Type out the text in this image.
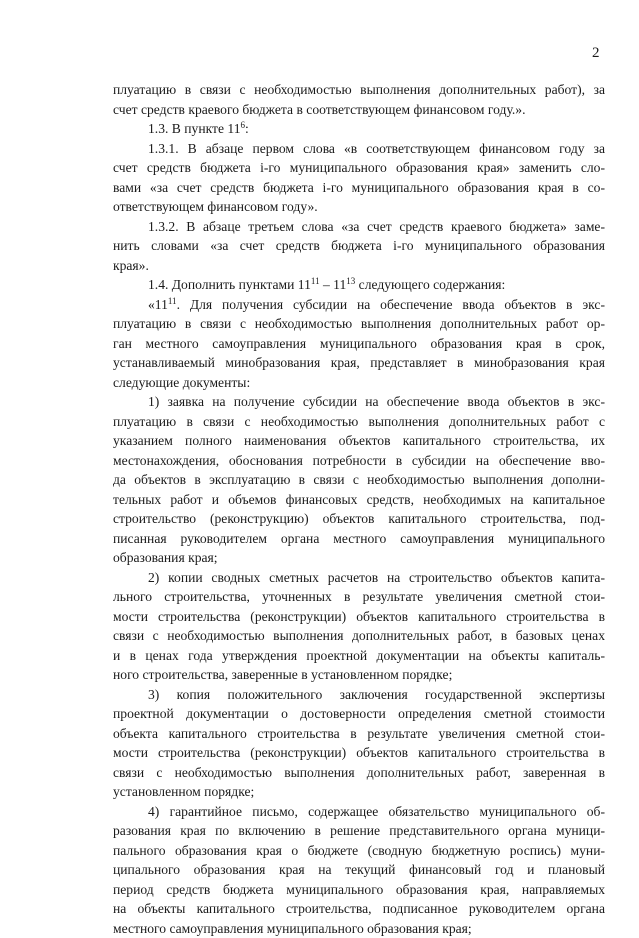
2
плуатацию в связи с необходимостью выполнения дополнительных работ), за
счет средств краевого бюджета в соответствующем финансовом году.».
1.3. В пункте $11^6$:
1.3.1. В абзаце первом слова «в соответствующем финансовом году за
счет средств бюджета i-го муниципального образования края» заменить сло-
вами «за счет средств бюджета i-го муниципального образования края в со-
ответствующем финансовом году».
1.3.2. В абзаце третьем слова «за счет средств краевого бюджета» заме-
нить словами «за счет средств бюджета i-го муниципального образования
края».
1.4. Дополнить пунктами $11^{11} - 11^{13}$ следующего содержания:
«$11^{11}$. Для получения субсидии на обеспечение ввода объектов в экс-
плуатацию в связи с необходимостью выполнения дополнительных работ ор-
ган местного самоуправления муниципального образования края в срок,
устанавливаемый минобразования края, представляет в минобразования края
следующие документы:
1) заявка на получение субсидии на обеспечение ввода объектов в экс-
плуатацию в связи с необходимостью выполнения дополнительных работ с
указанием полного наименования объектов капитального строительства, их
местонахождения, обоснования потребности в субсидии на обеспечение вво-
да объектов в эксплуатацию в связи с необходимостью выполнения дополни-
тельных работ и объемов финансовых средств, необходимых на капитальное
строительство (реконструкцию) объектов капитального строительства, под-
писанная руководителем органа местного самоуправления муниципального
образования края;
2) копии сводных сметных расчетов на строительство объектов капита-
льного строительства, уточненных в результате увеличения сметной стои-
мости строительства (реконструкции) объектов капитального строительства в
связи с необходимостью выполнения дополнительных работ, в базовых ценах
и в ценах года утверждения проектной документации на объекты капиталь-
ного строительства, заверенные в установленном порядке;
3) копия положительного заключения государственной экспертизы
проектной документации о достоверности определения сметной стоимости
объекта капитального строительства в результате увеличения сметной стои-
мости строительства (реконструкции) объектов капитального строительства в
связи с необходимостью выполнения дополнительных работ, заверенная в
установленном порядке;
4) гарантийное письмо, содержащее обязательство муниципального об-
разования края по включению в решение представительного органа муници-
пального образования края о бюджете (сводную бюджетную роспись) муни-
ципального образования края на текущий финансовый год и плановый
период средств бюджета муниципального образования края, направляемых
на объекты капитального строительства, подписанное руководителем органа
местного самоуправления муниципального образования края;
